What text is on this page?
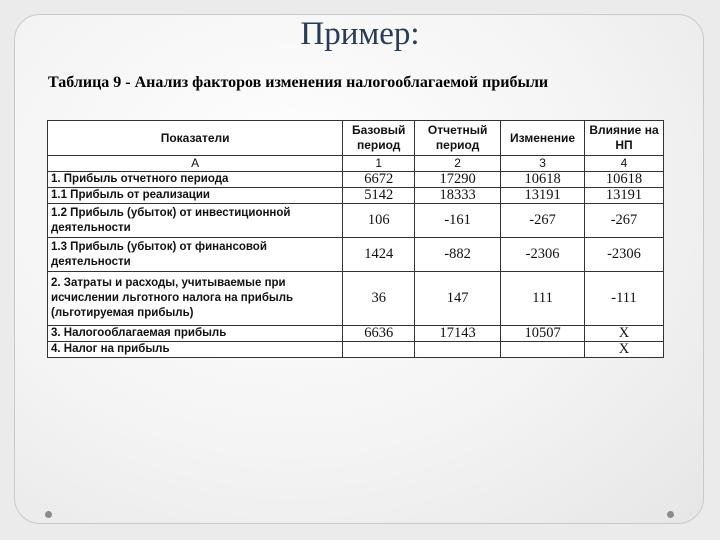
Пример:
Таблица 9 - Анализ факторов изменения налогооблагаемой прибыли
Показатели	Базовый период	Отчетный период	Изменение	Влияние на НП
А	1	2	3	4
1. Прибыль отчетного периода	6672	17290	10618	10618
1.1 Прибыль от реализации	5142	18333	13191	13191
1.2 Прибыль (убыток) от инвестиционной деятельности	106	-161	-267	-267
1.3 Прибыль (убыток) от финансовой деятельности	1424	-882	-2306	-2306
2. Затраты и расходы, учитываемые при исчислении льготного налога на прибыль (льготируемая прибыль)	36	147	111	-111
3. Налогооблагаемая прибыль	6636	17143	10507	Х
4. Налог на прибыль				Х
